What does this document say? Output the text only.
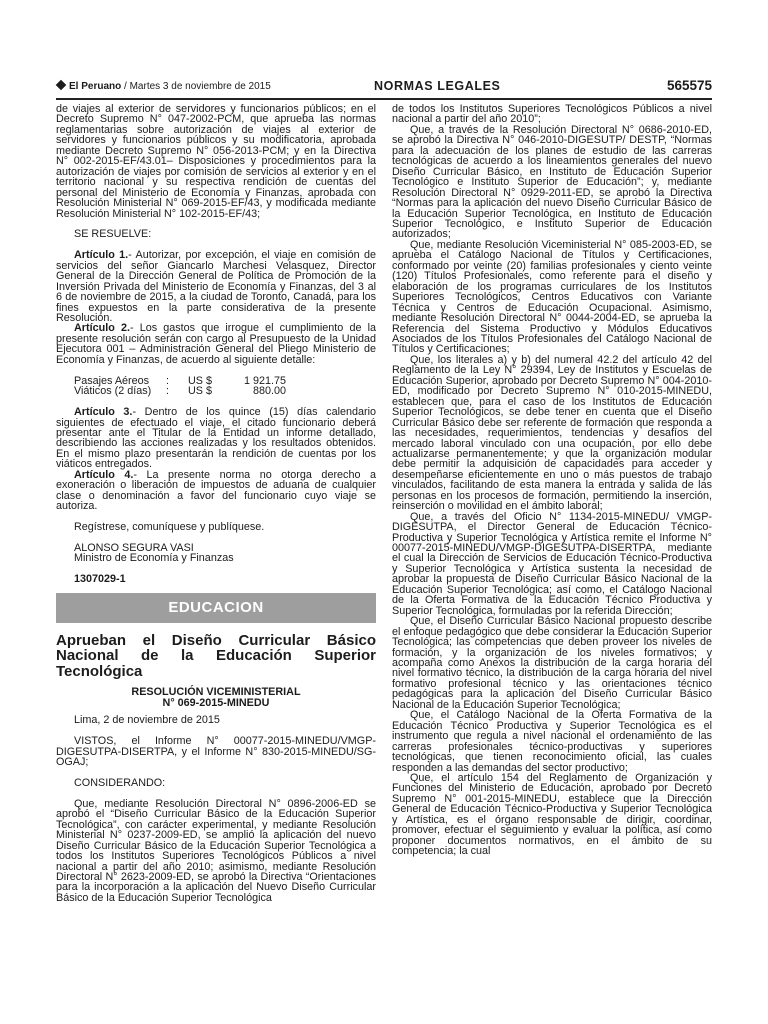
El Peruano / Martes 3 de noviembre de 2015	NORMAS LEGALES	565575

de viajes al exterior de servidores y funcionarios públicos; en el Decreto Supremo N° 047-2002-PCM, que aprueba las normas reglamentarias sobre autorización de viajes al exterior de servidores y funcionarios públicos y su modificatoria, aprobada mediante Decreto Supremo N° 056-2013-PCM; y en la Directiva N° 002-2015-EF/43.01– Disposiciones y procedimientos para la autorización de viajes por comisión de servicios al exterior y en el territorio nacional y su respectiva rendición de cuentas del personal del Ministerio de Economía y Finanzas, aprobada con Resolución Ministerial N° 069-2015-EF/43, y modificada mediante Resolución Ministerial N° 102-2015-EF/43;

SE RESUELVE:

Artículo 1.- Autorizar, por excepción, el viaje en comisión de servicios del señor Giancarlo Marchesi Velasquez, Director General de la Dirección General de Política de Promoción de la Inversión Privada del Ministerio de Economía y Finanzas, del 3 al 6 de noviembre de 2015, a la ciudad de Toronto, Canadá, para los fines expuestos en la parte considerativa de la presente Resolución.

Artículo 2.- Los gastos que irrogue el cumplimiento de la presente resolución serán con cargo al Presupuesto de la Unidad Ejecutora 001 – Administración General del Pliego Ministerio de Economía y Finanzas, de acuerdo al siguiente detalle:

Pasajes Aéreos	:	US $	1 921.75
Viáticos (2 días)	:	US $	880.00

Artículo 3.- Dentro de los quince (15) días calendario siguientes de efectuado el viaje, el citado funcionario deberá presentar ante el Titular de la Entidad un informe detallado, describiendo las acciones realizadas y los resultados obtenidos. En el mismo plazo presentarán la rendición de cuentas por los viáticos entregados.

Artículo 4.- La presente norma no otorga derecho a exoneración o liberación de impuestos de aduana de cualquier clase o denominación a favor del funcionario cuyo viaje se autoriza.

Regístrese, comuníquese y publíquese.

ALONSO SEGURA VASI

Ministro de Economía y Finanzas

1307029-1

EDUCACION
Aprueban el Diseño Curricular Básico Nacional de la Educación Superior Tecnológica
RESOLUCIÓN VICEMINISTERIAL
N° 069-2015-MINEDU

Lima, 2 de noviembre de 2015

VISTOS, el Informe N° 00077-2015-MINEDU/VMGP-DIGESUTPA-DISERTPA, y el Informe N° 830-2015-MINEDU/SG-OGAJ;

CONSIDERANDO:

Que, mediante Resolución Directoral N° 0896-2006-ED se aprobó el “Diseño Curricular Básico de la Educación Superior Tecnológica”, con carácter experimental, y mediante Resolución Ministerial N° 0237-2009-ED, se amplió la aplicación del nuevo Diseño Curricular Básico de la Educación Superior Tecnológica a todos los Institutos Superiores Tecnológicos Públicos a nivel nacional a partir del año 2010; asimismo, mediante Resolución Directoral N° 2623-2009-ED, se aprobó la Directiva “Orientaciones para la incorporación a la aplicación del Nuevo Diseño Curricular Básico de la Educación Superior Tecnológica

de todos los Institutos Superiores Tecnológicos Públicos a nivel nacional a partir del año 2010”;

Que, a través de la Resolución Directoral N° 0686-2010-ED, se aprobó la Directiva N° 046-2010-DIGESUTP/ DESTP, “Normas para la adecuación de los planes de estudio de las carreras tecnológicas de acuerdo a los lineamientos generales del nuevo Diseño Curricular Básico, en Instituto de Educación Superior Tecnológico e Instituto Superior de Educación”; y, mediante Resolución Directoral N° 0929-2011-ED, se aprobó la Directiva “Normas para la aplicación del nuevo Diseño Curricular Básico de la Educación Superior Tecnológica, en Instituto de Educación Superior Tecnológico, e Instituto Superior de Educación autorizados;

Que, mediante Resolución Viceministerial N° 085-2003-ED, se aprueba el Catálogo Nacional de Títulos y Certificaciones, conformado por veinte (20) familias profesionales y ciento veinte (120) Títulos Profesionales, como referente para el diseño y elaboración de los programas curriculares de los Institutos Superiores Tecnológicos, Centros Educativos con Variante Técnica y Centros de Educación Ocupacional. Asimismo, mediante Resolución Directoral N° 0044-2004-ED, se aprueba la Referencia del Sistema Productivo y Módulos Educativos Asociados de los Títulos Profesionales del Catálogo Nacional de Títulos y Certificaciones;

Que, los literales a) y b) del numeral 42.2 del artículo 42 del Reglamento de la Ley N° 29394, Ley de Institutos y Escuelas de Educación Superior, aprobado por Decreto Supremo N° 004-2010-ED, modificado por Decreto Supremo N° 010-2015-MINEDU, establecen que, para el caso de los Institutos de Educación Superior Tecnológicos, se debe tener en cuenta que el Diseño Curricular Básico debe ser referente de formación que responda a las necesidades, requerimientos, tendencias y desafíos del mercado laboral vinculado con una ocupación, por ello debe actualizarse permanentemente; y que la organización modular debe permitir la adquisición de capacidades para acceder y desempeñarse eficientemente en uno o más puestos de trabajo vinculados, facilitando de esta manera la entrada y salida de las personas en los procesos de formación, permitiendo la inserción, reinserción o movilidad en el ámbito laboral;

Que, a través del Oficio N° 1134-2015-MINEDU/ VMGP-DIGESUTPA, el Director General de Educación Técnico-Productiva y Superior Tecnológica y Artística remite el Informe N° 00077-2015-MINEDU/VMGP-DIGESUTPA-DISERTPA, mediante el cual la Dirección de Servicios de Educación Técnico-Productiva y Superior Tecnológica y Artística sustenta la necesidad de aprobar la propuesta de Diseño Curricular Básico Nacional de la Educación Superior Tecnológica; así como, el Catálogo Nacional de la Oferta Formativa de la Educación Técnico Productiva y Superior Tecnológica, formuladas por la referida Dirección;

Que, el Diseño Curricular Básico Nacional propuesto describe el enfoque pedagógico que debe considerar la Educación Superior Tecnológica; las competencias que deben proveer los niveles de formación, y la organización de los niveles formativos; y acompaña como Anexos la distribución de la carga horaria del nivel formativo técnico, la distribución de la carga horaria del nivel formativo profesional técnico y las orientaciones técnico pedagógicas para la aplicación del Diseño Curricular Básico Nacional de la Educación Superior Tecnológica;

Que, el Catálogo Nacional de la Oferta Formativa de la Educación Técnico Productiva y Superior Tecnológica es el instrumento que regula a nivel nacional el ordenamiento de las carreras profesionales técnico-productivas y superiores tecnológicas, que tienen reconocimiento oficial, las cuales responden a las demandas del sector productivo;

Que, el artículo 154 del Reglamento de Organización y Funciones del Ministerio de Educación, aprobado por Decreto Supremo N° 001-2015-MINEDU, establece que la Dirección General de Educación Técnico-Productiva y Superior Tecnológica y Artística, es el órgano responsable de dirigir, coordinar, promover, efectuar el seguimiento y evaluar la política, así como proponer documentos normativos, en el ámbito de su competencia; la cual
